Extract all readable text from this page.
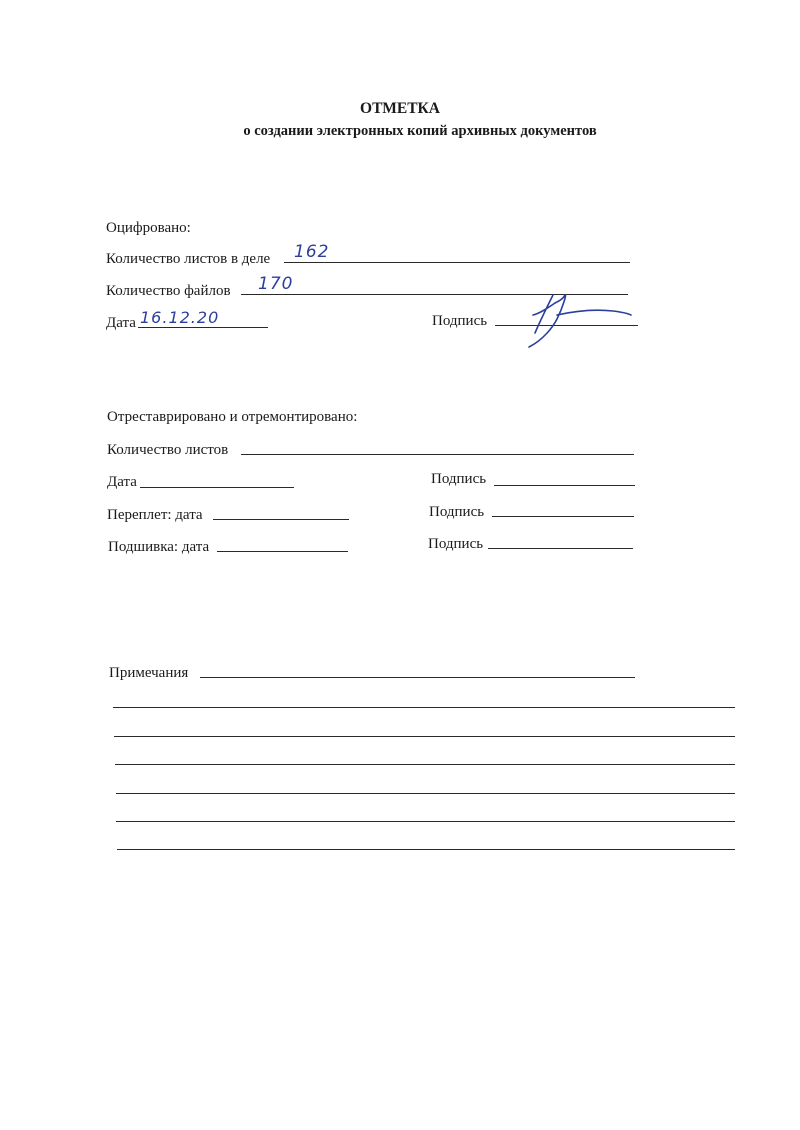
ОТМЕТКА
о создании электронных копий архивных документов
Оцифровано:
Количество листов в деле 162
Количество файлов 170
Дата 16.12.20	Подпись
Отреставрировано и отремонтировано:
Количество листов
Дата	Подпись
Переплет: дата	Подпись
Подшивка: дата	Подпись
Примечания
